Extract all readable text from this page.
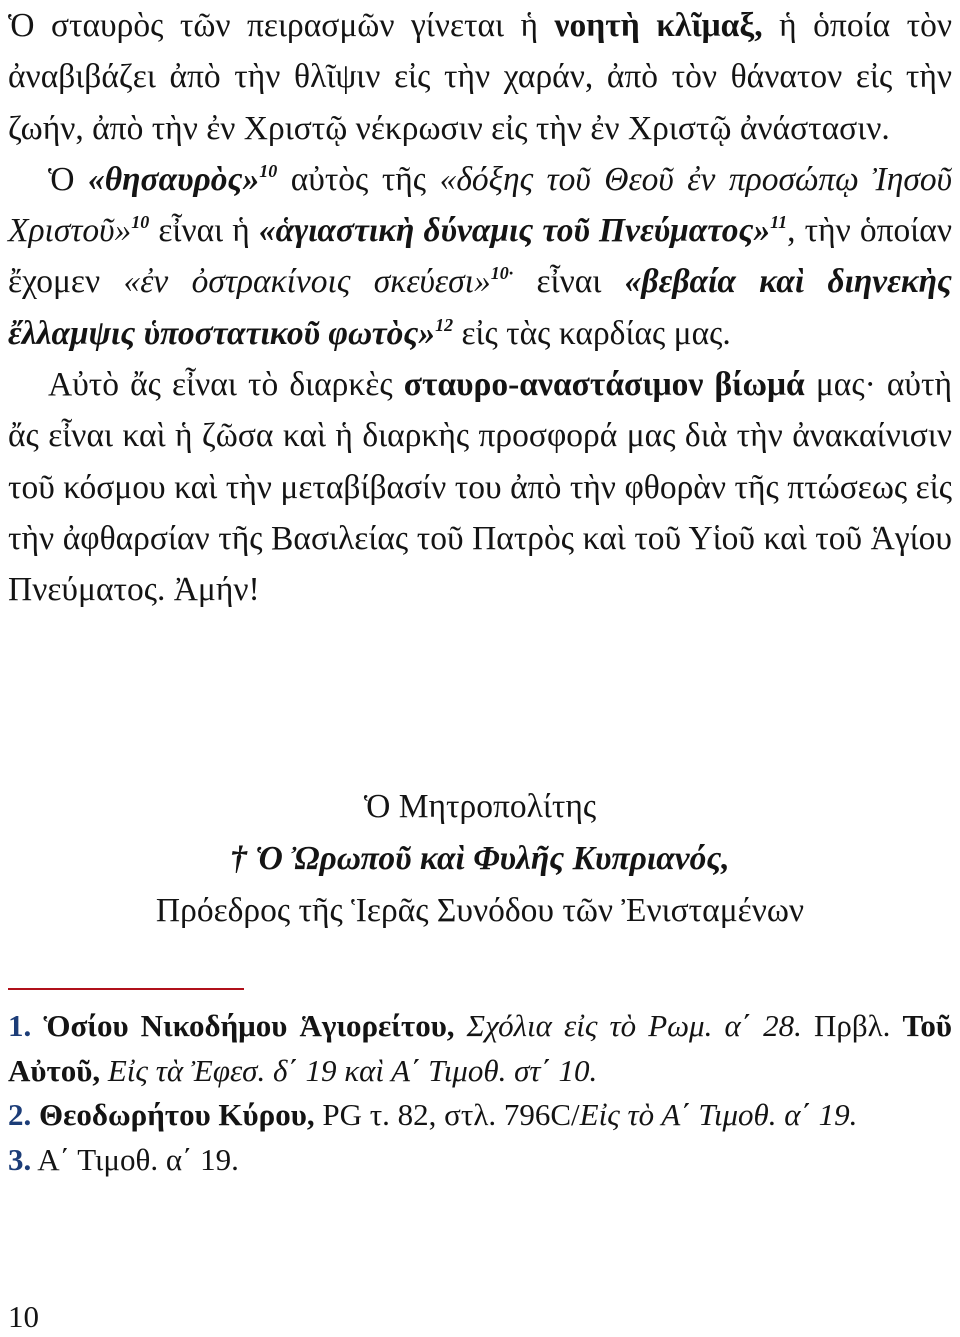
Ὁ σταυρὸς τῶν πειρασμῶν γίνεται ἡ νοητὴ κλῖμαξ, ἡ ὁποία τὸν ἀναβιβάζει ἀπὸ τὴν θλῖψιν εἰς τὴν χαράν, ἀπὸ τὸν θάνατον εἰς τὴν ζωήν, ἀπὸ τὴν ἐν Χριστῷ νέκρωσιν εἰς τὴν ἐν Χριστῷ ἀνάστασιν.

Ὁ «θησαυρὸς»$^{10}$ αὐτὸς τῆς «δόξης τοῦ Θεοῦ ἐν προσώπῳ Ἰησοῦ Χριστοῦ»$^{10}$ εἶναι ἡ «ἁγιαστικὴ δύναμις τοῦ Πνεύματος»$^{11}$, τὴν ὁποίαν ἔχομεν «ἐν ὀστρακίνοις σκεύεσι»$^{10\cdot}$ εἶναι «βεβαία καὶ διηνεκὴς ἔλλαμψις ὑποστατικοῦ φωτὸς»$^{12}$ εἰς τὰς καρδίας μας.

Αὐτὸ ἄς εἶναι τὸ διαρκὲς σταυρο-αναστάσιμον βίωμά μας· αὐτὴ ἄς εἶναι καὶ ἡ ζῶσα καὶ ἡ διαρκὴς προσφορά μας διὰ τὴν ἀνακαίνισιν τοῦ κόσμου καὶ τὴν μεταβίβασίν του ἀπὸ τὴν φθορὰν τῆς πτώσεως εἰς τὴν ἀφθαρσίαν τῆς Βασιλείας τοῦ Πατρὸς καὶ τοῦ Υἱοῦ καὶ τοῦ Ἁγίου Πνεύματος. Ἀμήν!

Ὁ Μητροπολίτης
† Ὁ Ὠρωποῦ καὶ Φυλῆς Κυπριανός,
Πρόεδρος τῆς Ἱερᾶς Συνόδου τῶν Ἐνισταμένων

1. Ὁσίου Νικοδήμου Ἁγιορείτου, Σχόλια εἰς τὸ Ρωμ. α΄ 28. Πρβλ. Τοῦ Αὐτοῦ, Εἰς τὰ Ἐφεσ. δ΄ 19 καὶ Α΄ Τιμοθ. στ΄ 10.

2. Θεοδωρήτου Κύρου, PG τ. 82, στλ. 796C/Εἰς τὸ Α΄ Τιμοθ. α΄ 19.

3. Α΄ Τιμοθ. α΄ 19.

10
